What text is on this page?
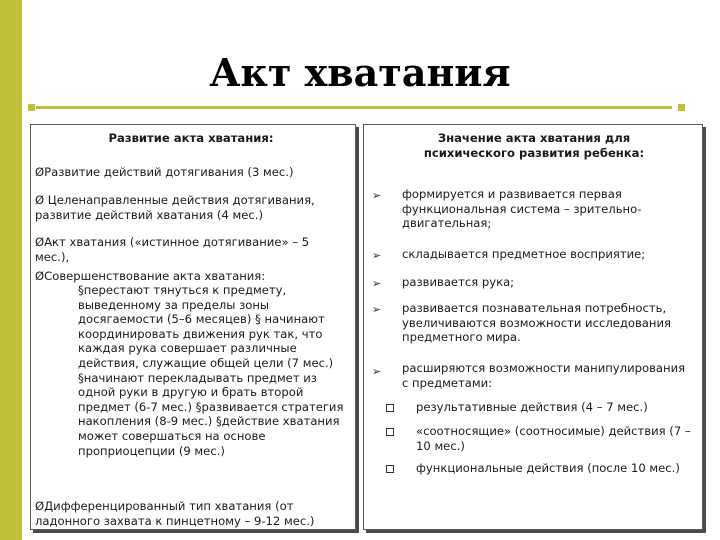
Акт хватания
Развитие акта хватания:
ØРазвитие действий дотягивания (3 мес.)
Ø Целенаправленные действия дотягивания, развитие действий хватания (4 мес.)
ØАкт хватания («истинное дотягивание» – 5 мес.),
ØСовершенствование акта хватания:
§перестают тянуться к предмету, выведенному за пределы зоны досягаемости (5–6 месяцев) § начинают координировать движения рук так, что каждая рука совершает различные действия, служащие общей цели (7 мес.) §начинают перекладывать предмет из одной руки в другую и брать второй предмет (6-7 мес.) §развивается стратегия накопления (8-9 мес.) §действие хватания может совершаться на основе проприоцепции (9 мес.)
ØДифференцированный тип хватания (от ладонного захвата к пинцетному – 9-12 мес.)
Значение акта хватания для психического развития ребенка:
➢ формируется и развивается первая функциональная система – зрительно-двигательная;
➢ складывается предметное восприятие;
➢ развивается рука;
➢ развивается познавательная потребность, увеличиваются возможности исследования предметного мира.
➢ расширяются возможности манипулирования с предметами:
результативные действия (4 – 7 мес.)
«соотносящие» (соотносимые) действия (7 – 10 мес.)
функциональные действия (после 10 мес.)
